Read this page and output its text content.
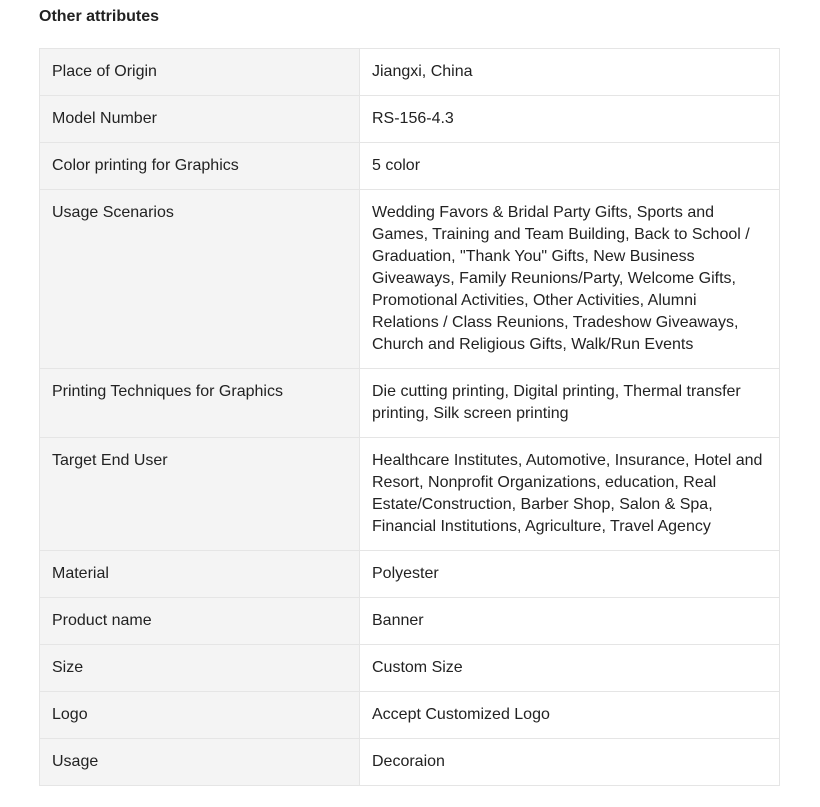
Other attributes
Place of Origin	Jiangxi, China
Model Number	RS-156-4.3
Color printing for Graphics	5 color
Usage Scenarios	Wedding Favors & Bridal Party Gifts, Sports and Games, Training and Team Building, Back to School / Graduation, "Thank You" Gifts, New Business Giveaways, Family Reunions/Party, Welcome Gifts, Promotional Activities, Other Activities, Alumni Relations / Class Reunions, Tradeshow Giveaways, Church and Religious Gifts, Walk/Run Events
Printing Techniques for Graphics	Die cutting printing, Digital printing, Thermal transfer printing, Silk screen printing
Target End User	Healthcare Institutes, Automotive, Insurance, Hotel and Resort, Nonprofit Organizations, education, Real Estate/Construction, Barber Shop, Salon & Spa, Financial Institutions, Agriculture, Travel Agency
Material	Polyester
Product name	Banner
Size	Custom Size
Logo	Accept Customized Logo
Usage	Decoraion
